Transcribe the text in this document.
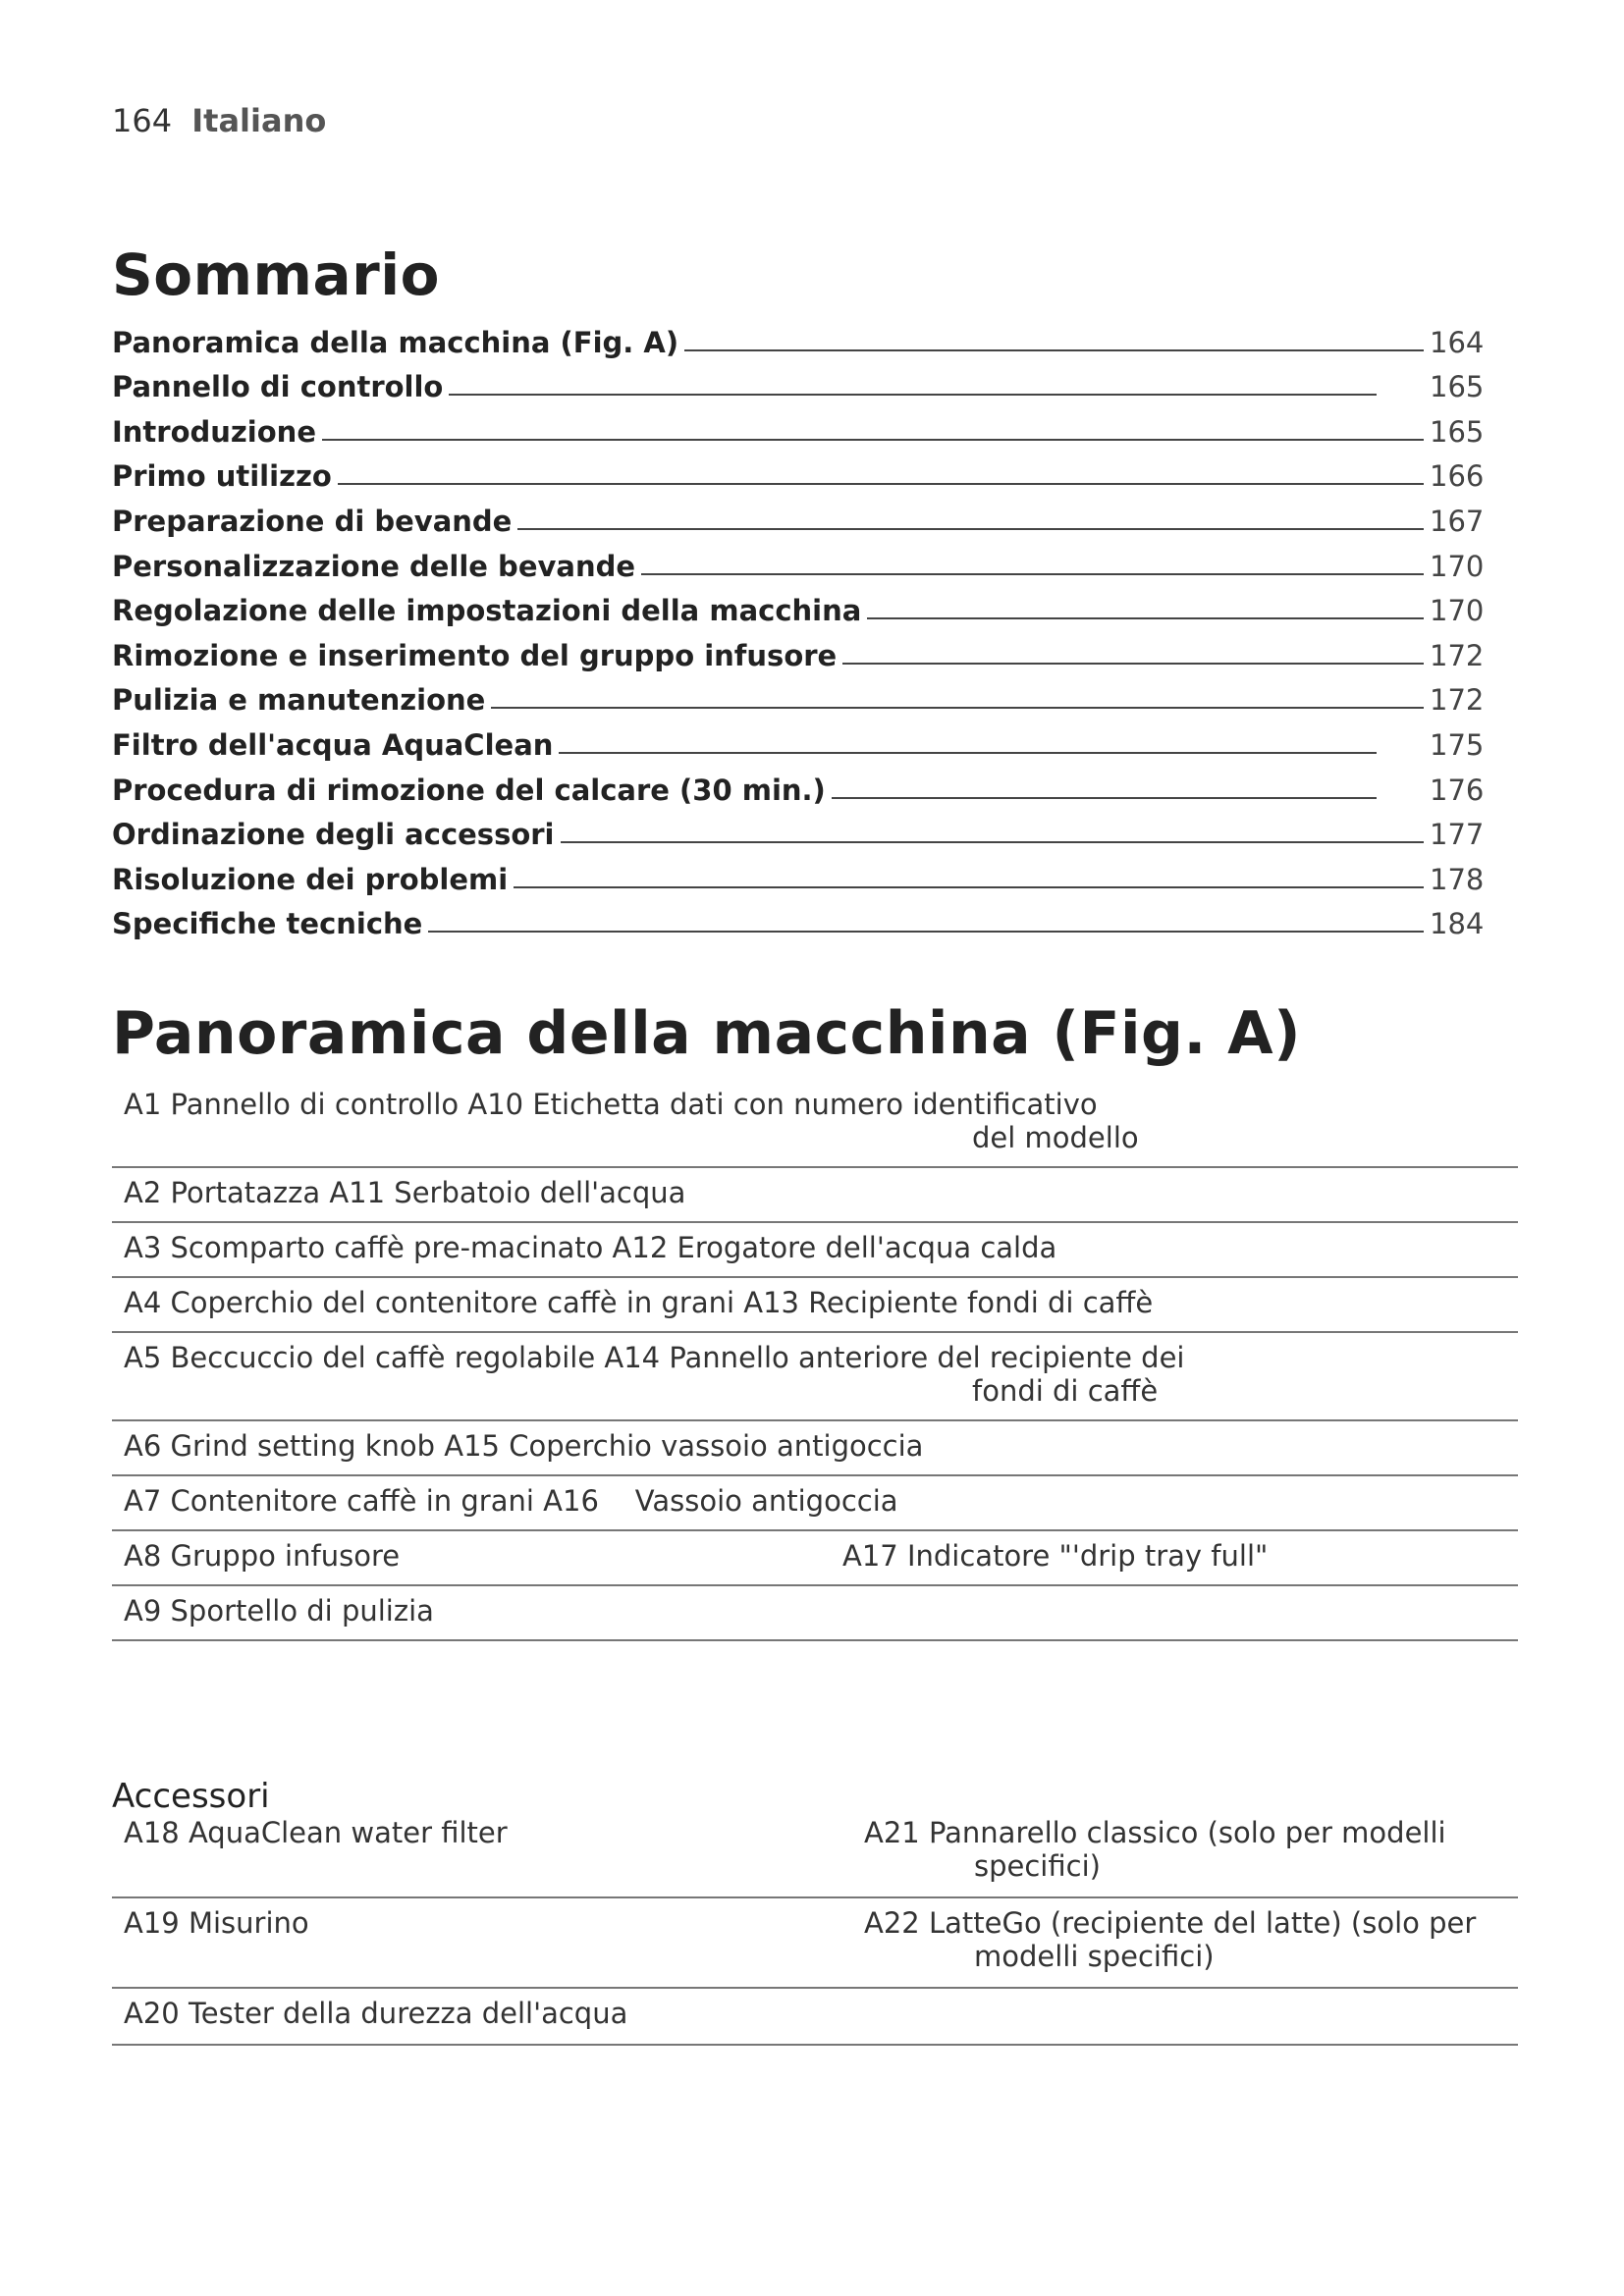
164 Italiano
Sommario
Panoramica della macchina (Fig. A)	164
Pannello di controllo	165
Introduzione	165
Primo utilizzo	166
Preparazione di bevande	167
Personalizzazione delle bevande	170
Regolazione delle impostazioni della macchina	170
Rimozione e inserimento del gruppo infusore	172
Pulizia e manutenzione	172
Filtro dell'acqua AquaClean	175
Procedura di rimozione del calcare (30 min.)	176
Ordinazione degli accessori	177
Risoluzione dei problemi	178
Specifiche tecniche	184
Panoramica della macchina (Fig. A)
A1 Pannello di controllo A10 Etichetta dati con numero identificativo
del modello
A2 Portatazza A11 Serbatoio dell'acqua
A3 Scomparto caffè pre-macinato A12 Erogatore dell'acqua calda
A4 Coperchio del contenitore caffè in grani A13 Recipiente fondi di caffè
A5 Beccuccio del caffè regolabile A14 Pannello anteriore del recipiente dei
fondi di caffè
A6 Grind setting knob A15 Coperchio vassoio antigoccia
A7 Contenitore caffè in grani A16    Vassoio antigoccia
A8 Gruppo infusore	A17 Indicatore "'drip tray full"
A9 Sportello di pulizia
Accessori
A18 AquaClean water filter	A21 Pannarello classico (solo per modelli
specifici)
A19 Misurino	A22 LatteGo (recipiente del latte) (solo per
modelli specifici)
A20 Tester della durezza dell'acqua
